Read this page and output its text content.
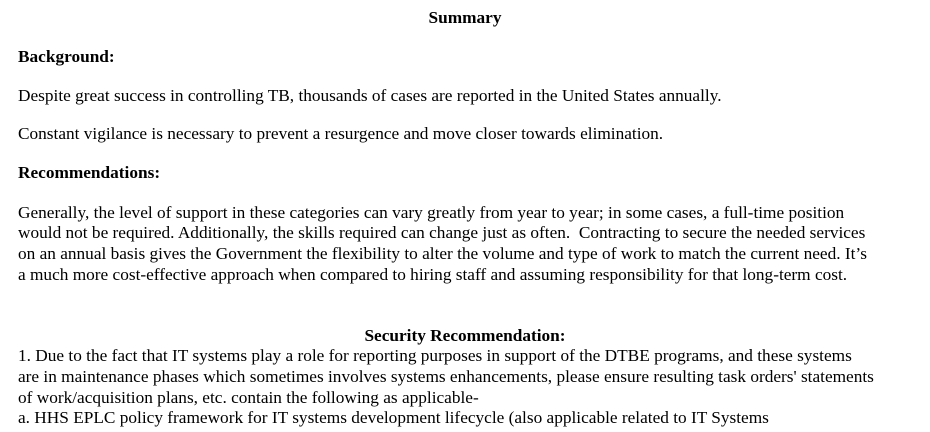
Summary
Background:
Despite great success in controlling TB, thousands of cases are reported in the United States annually.
Constant vigilance is necessary to prevent a resurgence and move closer towards elimination.
Recommendations:
Generally, the level of support in these categories can vary greatly from year to year; in some cases, a full-time position
would not be required. Additionally, the skills required can change just as often.  Contracting to secure the needed services
on an annual basis gives the Government the flexibility to alter the volume and type of work to match the current need. It’s
a much more cost-effective approach when compared to hiring staff and assuming responsibility for that long-term cost.
Security Recommendation:
1. Due to the fact that IT systems play a role for reporting purposes in support of the DTBE programs, and these systems
are in maintenance phases which sometimes involves systems enhancements, please ensure resulting task orders' statements
of work/acquisition plans, etc. contain the following as applicable-
a. HHS EPLC policy framework for IT systems development lifecycle (also applicable related to IT Systems
